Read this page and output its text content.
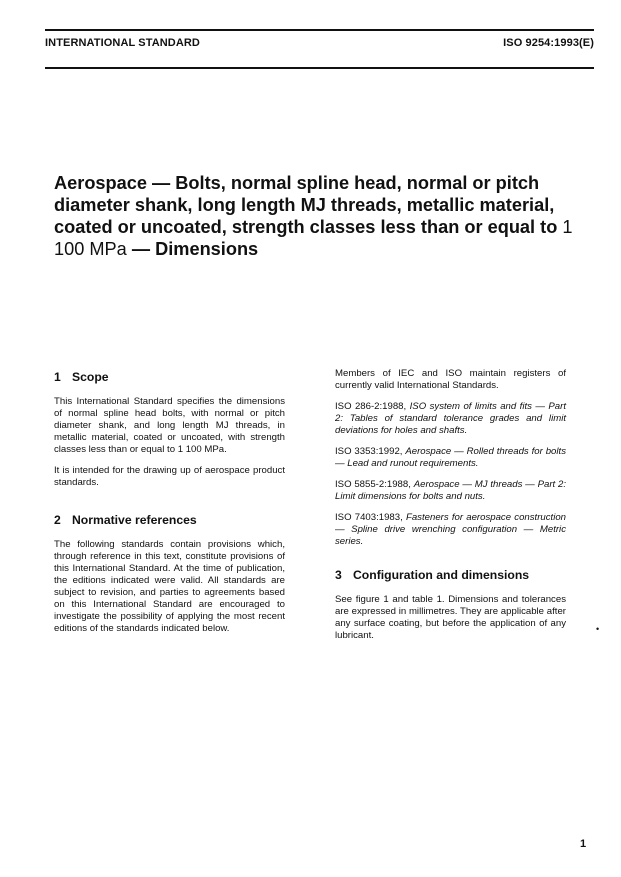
INTERNATIONAL STANDARD	ISO 9254:1993(E)
Aerospace — Bolts, normal spline head, normal or pitch diameter shank, long length MJ threads, metallic material, coated or uncoated, strength classes less than or equal to 1 100 MPa — Dimensions
1 Scope

This International Standard specifies the dimensions of normal spline head bolts, with normal or pitch diameter shank, and long length MJ threads, in metallic material, coated or uncoated, with strength classes less than or equal to 1 100 MPa.

It is intended for the drawing up of aerospace product standards.

2 Normative references

The following standards contain provisions which, through reference in this text, constitute provisions of this International Standard. At the time of publication, the editions indicated were valid. All standards are subject to revision, and parties to agreements based on this International Standard are encouraged to investigate the possibility of applying the most recent editions of the standards indicated below.

Members of IEC and ISO maintain registers of currently valid International Standards.

ISO 286-2:1988, ISO system of limits and fits — Part 2: Tables of standard tolerance grades and limit deviations for holes and shafts.

ISO 3353:1992, Aerospace — Rolled threads for bolts — Lead and runout requirements.

ISO 5855-2:1988, Aerospace — MJ threads — Part 2: Limit dimensions for bolts and nuts.

ISO 7403:1983, Fasteners for aerospace construction — Spline drive wrenching configuration — Metric series.

3 Configuration and dimensions

See figure 1 and table 1. Dimensions and tolerances are expressed in millimetres. They are applicable after any surface coating, but before the application of any lubricant.

•
1
